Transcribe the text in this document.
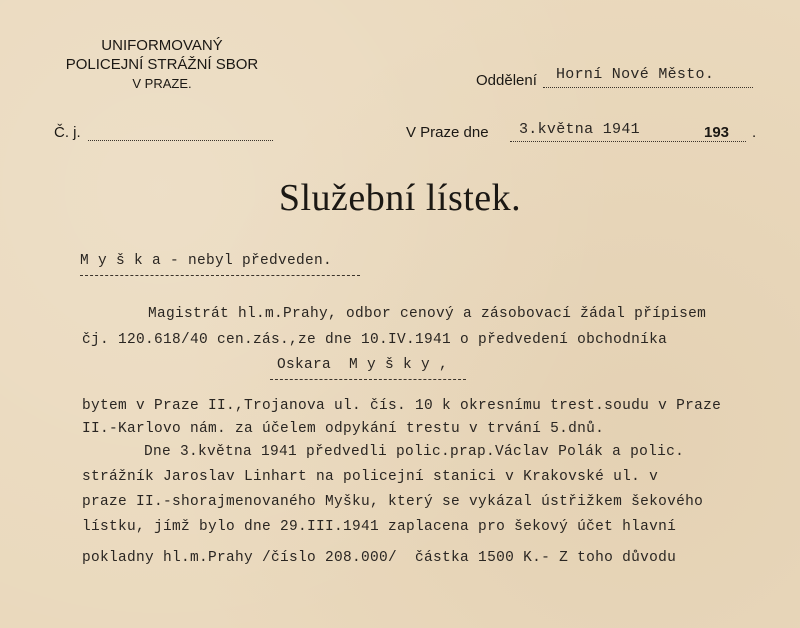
UNIFORMOVANÝ
POLICEJNÍ STRÁŽNÍ SBOR
V PRAZE.	Oddělení Horní Nové Město.
Č. j.	V Praze dne 3.května 1941	193 .
Služební lístek.
M y š k a - nebyl předveden.
Magistrát hl.m.Prahy, odbor cenový a zásobovací žádal přípisem
čj. 120.618/40 cen.zás.,ze dne 10.IV.1941 o předvedení obchodníka
Oskara  M y š k y ,
bytem v Praze II.,Trojanova ul. čís. 10 k okresnímu trest.soudu v Praze
II.-Karlovo nám. za účelem odpykání trestu v trvání 5.dnů.
Dne 3.května 1941 předvedli polic.prap.Václav Polák a polic.
strážník Jaroslav Linhart na policejní stanici v Krakovské ul. v
praze II.-shorajmenovaného Myšku, který se vykázal ústřižkem šekového
lístku, jímž bylo dne 29.III.1941 zaplacena pro šekový účet hlavní
pokladny hl.m.Prahy /číslo 208.000/  částka 1500 K.- Z toho důvodu
